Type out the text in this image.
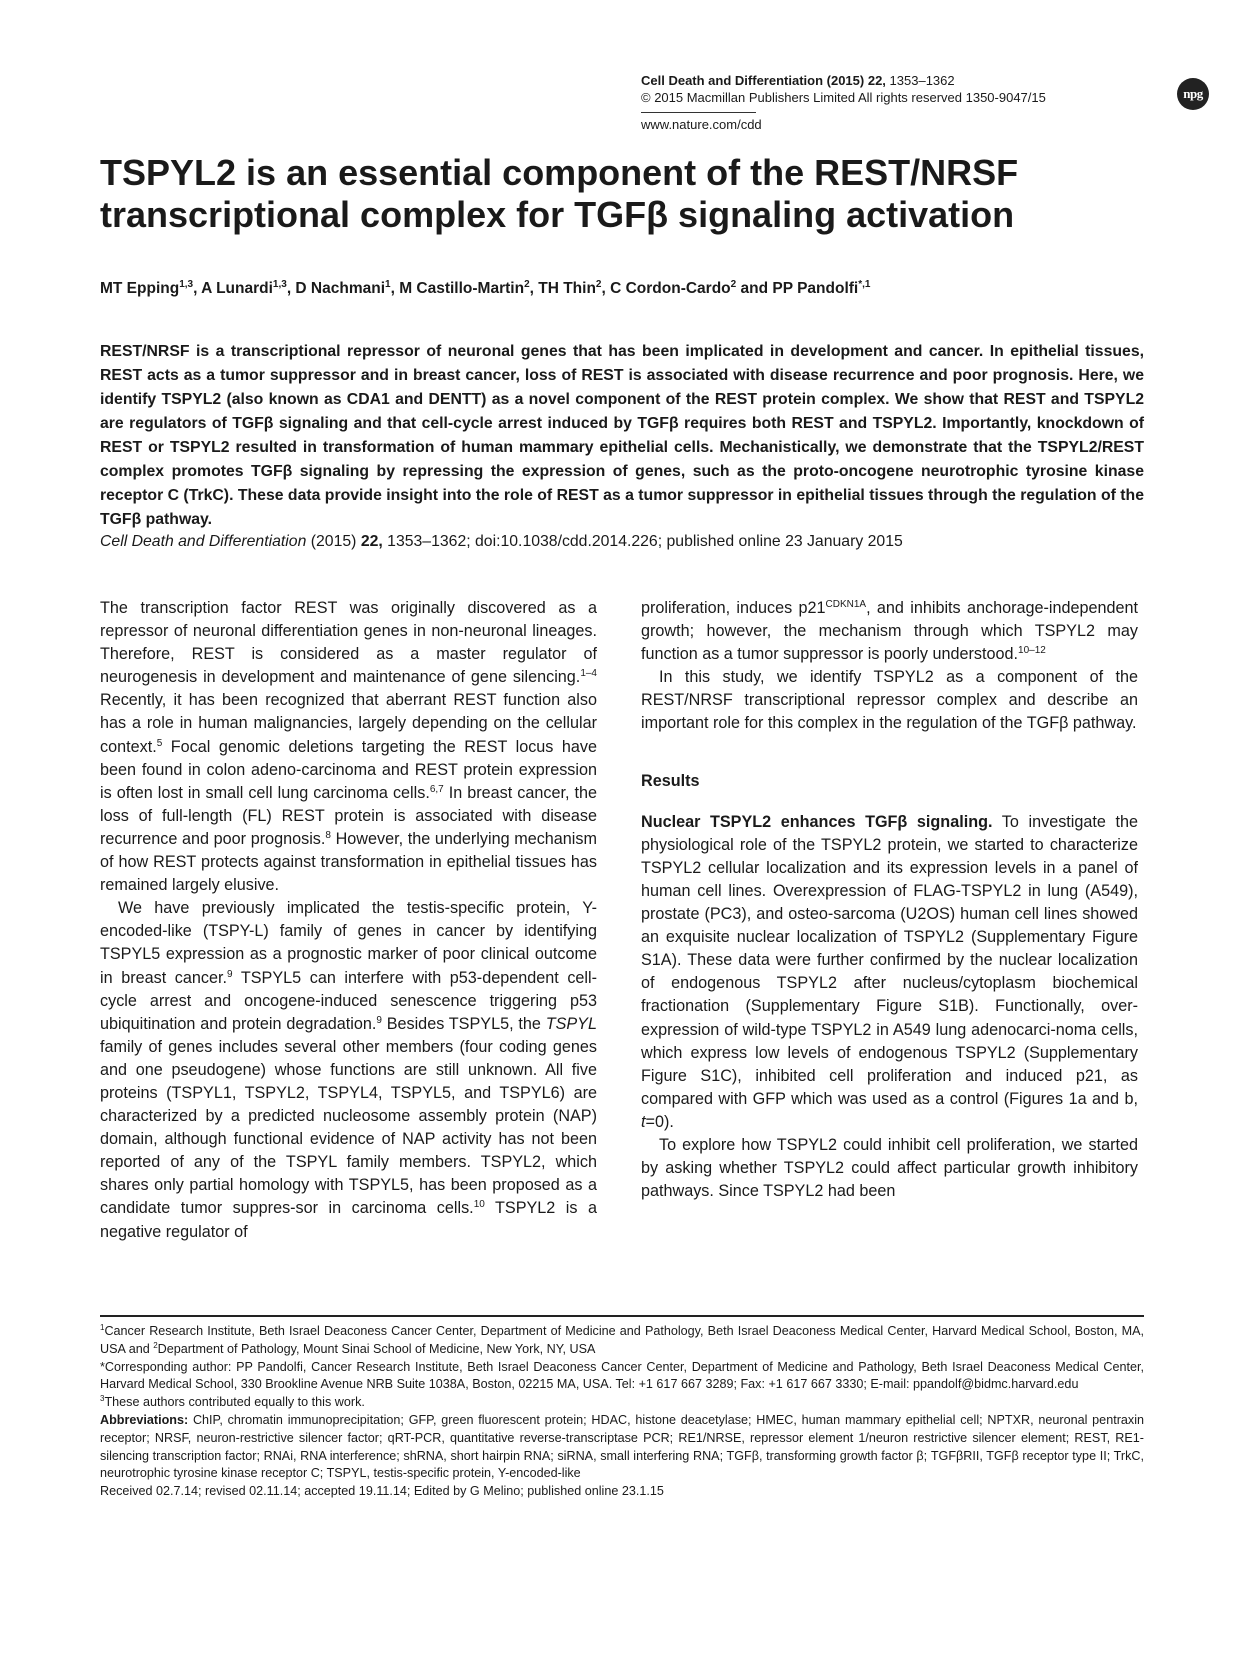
Cell Death and Differentiation (2015) 22, 1353–1362
© 2015 Macmillan Publishers Limited All rights reserved 1350-9047/15
www.nature.com/cdd
npg
TSPYL2 is an essential component of the REST/NRSF transcriptional complex for TGFβ signaling activation
MT Epping$^{1,3}$, A Lunardi$^{1,3}$, D Nachmani$^1$, M Castillo-Martin$^2$, TH Thin$^2$, C Cordon-Cardo$^2$ and PP Pandolfi$^{*,1}$

REST/NRSF is a transcriptional repressor of neuronal genes that has been implicated in development and cancer. In epithelial tissues, REST acts as a tumor suppressor and in breast cancer, loss of REST is associated with disease recurrence and poor prognosis. Here, we identify TSPYL2 (also known as CDA1 and DENTT) as a novel component of the REST protein complex. We show that REST and TSPYL2 are regulators of TGFβ signaling and that cell-cycle arrest induced by TGFβ requires both REST and TSPYL2. Importantly, knockdown of REST or TSPYL2 resulted in transformation of human mammary epithelial cells. Mechanistically, we demonstrate that the TSPYL2/REST complex promotes TGFβ signaling by repressing the expression of genes, such as the proto-oncogene neurotrophic tyrosine kinase receptor C (TrkC). These data provide insight into the role of REST as a tumor suppressor in epithelial tissues through the regulation of the TGFβ pathway.

Cell Death and Differentiation (2015) 22, 1353–1362; doi:10.1038/cdd.2014.226; published online 23 January 2015

The transcription factor REST was originally discovered as a repressor of neuronal differentiation genes in non-neuronal lineages. Therefore, REST is considered as a master regulator of neurogenesis in development and maintenance of gene silencing.$^{1-4}$ Recently, it has been recognized that aberrant REST function also has a role in human malignancies, largely depending on the cellular context.$^5$ Focal genomic deletions targeting the REST locus have been found in colon adeno-carcinoma and REST protein expression is often lost in small cell lung carcinoma cells.$^{6,7}$ In breast cancer, the loss of full-length (FL) REST protein is associated with disease recurrence and poor prognosis.$^8$ However, the underlying mechanism of how REST protects against transformation in epithelial tissues has remained largely elusive.

We have previously implicated the testis-specific protein, Y-encoded-like (TSPY-L) family of genes in cancer by identifying TSPYL5 expression as a prognostic marker of poor clinical outcome in breast cancer.$^9$ TSPYL5 can interfere with p53-dependent cell-cycle arrest and oncogene-induced senescence triggering p53 ubiquitination and protein degradation.$^9$ Besides TSPYL5, the TSPYL family of genes includes several other members (four coding genes and one pseudogene) whose functions are still unknown. All five proteins (TSPYL1, TSPYL2, TSPYL4, TSPYL5, and TSPYL6) are characterized by a predicted nucleosome assembly protein (NAP) domain, although functional evidence of NAP activity has not been reported of any of the TSPYL family members. TSPYL2, which shares only partial homology with TSPYL5, has been proposed as a candidate tumor suppres-sor in carcinoma cells.$^{10}$ TSPYL2 is a negative regulator of

proliferation, induces $p21^{CDKN1A}$, and inhibits anchorage-independent growth; however, the mechanism through which TSPYL2 may function as a tumor suppressor is poorly understood.$^{10-12}$

In this study, we identify TSPYL2 as a component of the REST/NRSF transcriptional repressor complex and describe an important role for this complex in the regulation of the TGFβ pathway.

Results

Nuclear TSPYL2 enhances TGFβ signaling. To investigate the physiological role of the TSPYL2 protein, we started to characterize TSPYL2 cellular localization and its expression levels in a panel of human cell lines. Overexpression of FLAG-TSPYL2 in lung (A549), prostate (PC3), and osteo-sarcoma (U2OS) human cell lines showed an exquisite nuclear localization of TSPYL2 (Supplementary Figure S1A). These data were further confirmed by the nuclear localization of endogenous TSPYL2 after nucleus/cytoplasm biochemical fractionation (Supplementary Figure S1B). Functionally, over-expression of wild-type TSPYL2 in A549 lung adenocarci-noma cells, which express low levels of endogenous TSPYL2 (Supplementary Figure S1C), inhibited cell proliferation and induced p21, as compared with GFP which was used as a control (Figures 1a and b, t=0).

To explore how TSPYL2 could inhibit cell proliferation, we started by asking whether TSPYL2 could affect particular growth inhibitory pathways. Since TSPYL2 had been

$^1$Cancer Research Institute, Beth Israel Deaconess Cancer Center, Department of Medicine and Pathology, Beth Israel Deaconess Medical Center, Harvard Medical School, Boston, MA, USA and $^2$Department of Pathology, Mount Sinai School of Medicine, New York, NY, USA

*Corresponding author: PP Pandolfi, Cancer Research Institute, Beth Israel Deaconess Cancer Center, Department of Medicine and Pathology, Beth Israel Deaconess Medical Center, Harvard Medical School, 330 Brookline Avenue NRB Suite 1038A, Boston, 02215 MA, USA. Tel: +1 617 667 3289; Fax: +1 617 667 3330; E-mail: ppandolf@bidmc.harvard.edu

$^3$These authors contributed equally to this work.

Abbreviations: ChIP, chromatin immunoprecipitation; GFP, green fluorescent protein; HDAC, histone deacetylase; HMEC, human mammary epithelial cell; NPTXR, neuronal pentraxin receptor; NRSF, neuron-restrictive silencer factor; qRT-PCR, quantitative reverse-transcriptase PCR; RE1/NRSE, repressor element 1/neuron restrictive silencer element; REST, RE1-silencing transcription factor; RNAi, RNA interference; shRNA, short hairpin RNA; siRNA, small interfering RNA; TGFβ, transforming growth factor β; TGFβRII, TGFβ receptor type II; TrkC, neurotrophic tyrosine kinase receptor C; TSPYL, testis-specific protein, Y-encoded-like

Received 02.7.14; revised 02.11.14; accepted 19.11.14; Edited by G Melino; published online 23.1.15
